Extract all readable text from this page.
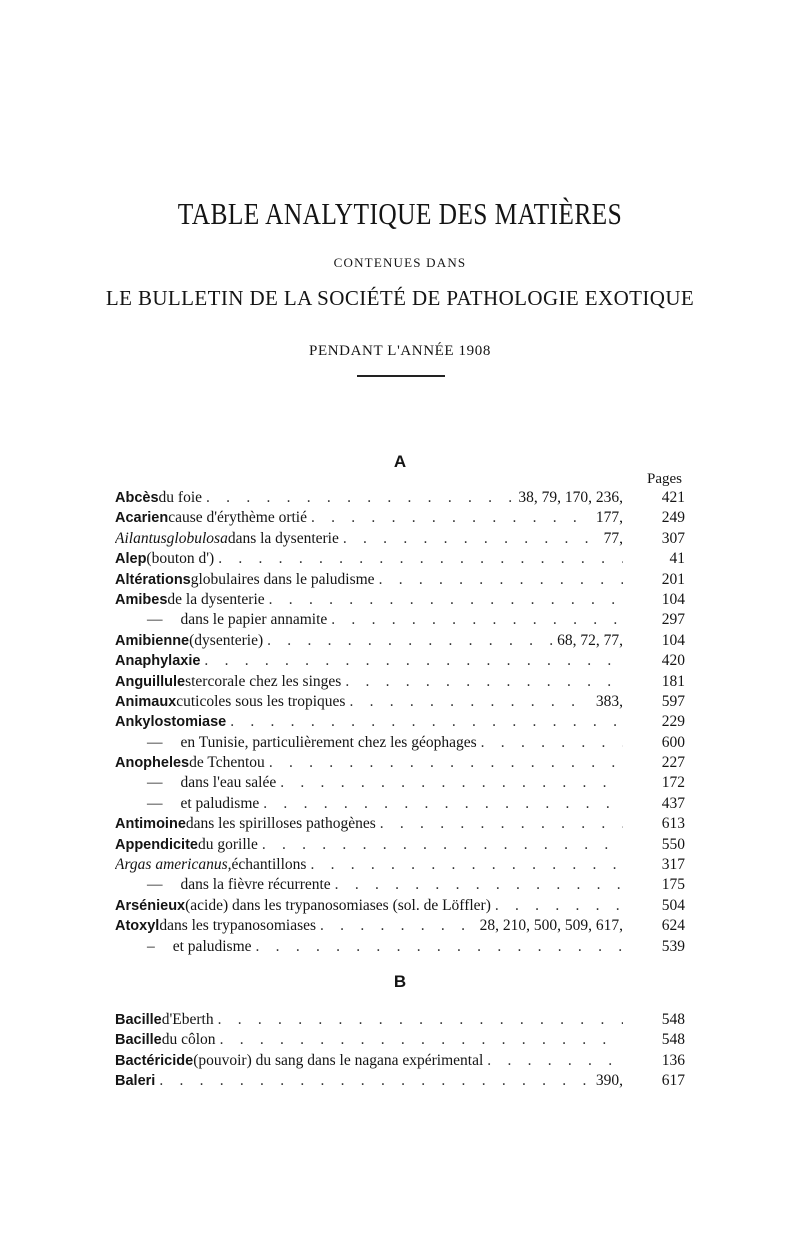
TABLE ANALYTIQUE DES MATIÈRES
CONTENUES DANS
LE BULLETIN DE LA SOCIÉTÉ DE PATHOLOGIE EXOTIQUE
PENDANT L'ANNÉE 1908
A
Pages
Abcès du foie . . .	38, 79, 170, 236,	421
Acarien cause d'érythème ortié . . .	177,	249
Ailantus globulosa dans la dysenterie . . .	77,	307
Alep (bouton d') . . .	41
Altérations globulaires dans le paludisme . . .	201
Amibes de la dysenterie . . .	104
— dans le papier annamite . . .	297
Amibienne (dysenterie) . . .	68, 72, 77,	104
Anaphylaxie . . .	420
Anguillule stercorale chez les singes . . .	181
Animaux cuticoles sous les tropiques . . .	383,	597
Ankylostomiase . . .	229
— en Tunisie, particulièrement chez les géophages . . .	600
Anopheles de Tchentou . . .	227
— dans l'eau salée . . .	172
— et paludisme . . .	437
Antimoine dans les spirilloses pathogènes . . .	613
Appendicite du gorille . . .	550
Argas americanus, échantillons . . .	317
— dans la fièvre récurrente . . .	175
Arsénieux (acide) dans les trypanosomiases (sol. de Löffler) . . .	504
Atoxyl dans les trypanosomiases . . .	28, 210, 500, 509, 617,	624
– et paludisme . . .	539
B
Bacille d'Eberth . . .	548
Bacille du côlon . . .	548
Bactéricide (pouvoir) du sang dans le nagana expérimental . . .	136
Baleri . . .	390,	617
